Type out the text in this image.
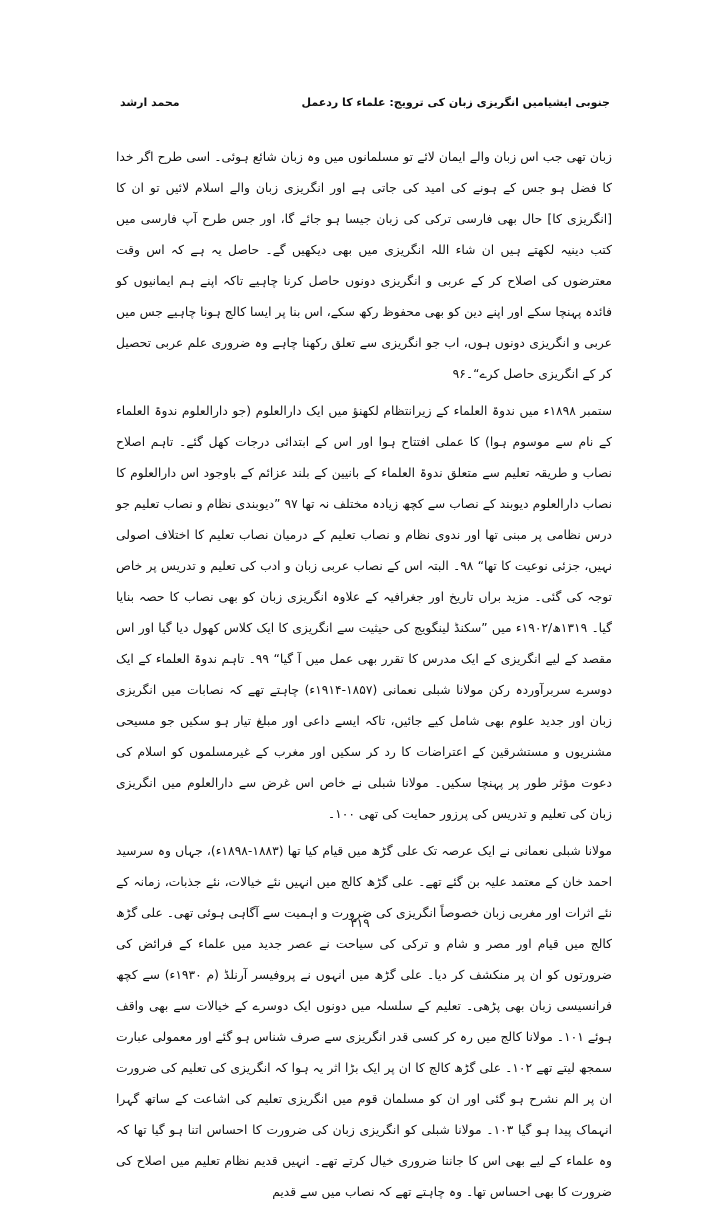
جنوبی ایشیامیں انگریزی زبان کی ترویج: علماء کا ردعمل
محمد ارشد

زبان تھی جب اس زبان والے ایمان لائے تو مسلمانوں میں وہ زبان شائع ہوئی۔ اسی طرح اگر خدا کا فضل ہو جس کے ہونے کی امید کی جاتی ہے اور انگریزی زبان والے اسلام لائیں تو ان کا [انگریزی کا] حال بھی فارسی ترکی کی زبان جیسا ہو جائے گا، اور جس طرح آپ فارسی میں کتب دینیہ لکھتے ہیں ان شاء اللہ انگریزی میں بھی دیکھیں گے۔ حاصل یہ ہے کہ اس وقت معترضوں کی اصلاح کر کے عربی و انگریزی دونوں حاصل کرنا چاہیے تاکہ اپنے ہم ایمانیوں کو فائدہ پہنچا سکے اور اپنے دین کو بھی محفوظ رکھ سکے، اس بنا پر ایسا کالج ہونا چاہیے جس میں عربی و انگریزی دونوں ہوں، اب جو انگریزی سے تعلق رکھنا چاہے وہ ضروری علم عربی تحصیل کر کے انگریزی حاصل کرے“۔۹۶

ستمبر ۱۸۹۸ء میں ندوۃ العلماء کے زیرانتظام لکھنؤ میں ایک دارالعلوم (جو دارالعلوم ندوۃ العلماء کے نام سے موسوم ہوا) کا عملی افتتاح ہوا اور اس کے ابتدائی درجات کھل گئے۔ تاہم اصلاح نصاب و طریقہ تعلیم سے متعلق ندوۃ العلماء کے بانیین کے بلند عزائم کے باوجود اس دارالعلوم کا نصاب دارالعلوم دیوبند کے نصاب سے کچھ زیادہ مختلف نہ تھا ۹۷ ”دیوبندی نظام و نصاب تعلیم جو درس نظامی پر مبنی تھا اور ندوی نظام و نصاب تعلیم کے درمیان نصاب تعلیم کا اختلاف اصولی نہیں، جزئی نوعیت کا تھا“ ۹۸۔ البتہ اس کے نصاب عربی زبان و ادب کی تعلیم و تدریس پر خاص توجہ کی گئی۔ مزید براں تاریخ اور جغرافیہ کے علاوہ انگریزی زبان کو بھی نصاب کا حصہ بنایا گیا۔ ۱۳۱۹ھ/۱۹۰۲ء میں ”سکنڈ لینگویج کی حیثیت سے انگریزی کا ایک کلاس کھول دیا گیا اور اس مقصد کے لیے انگریزی کے ایک مدرس کا تقرر بھی عمل میں آ گیا“ ۹۹۔ تاہم ندوۃ العلماء کے ایک دوسرے سربرآوردہ رکن مولانا شبلی نعمانی (۱۸۵۷-۱۹۱۴ء) چاہتے تھے کہ نصابات میں انگریزی زبان اور جدید علوم بھی شامل کیے جائیں، تاکہ ایسے داعی اور مبلغ تیار ہو سکیں جو مسیحی مشنریوں و مستشرقین کے اعتراضات کا رد کر سکیں اور مغرب کے غیرمسلموں کو اسلام کی دعوت مؤثر طور پر پہنچا سکیں۔ مولانا شبلی نے خاص اس غرض سے دارالعلوم میں انگریزی زبان کی تعلیم و تدریس کی پرزور حمایت کی تھی ۱۰۰۔

مولانا شبلی نعمانی نے ایک عرصہ تک علی گڑھ میں قیام کیا تھا (۱۸۸۳-۱۸۹۸ء)، جہاں وہ سرسید احمد خان کے معتمد علیہ بن گئے تھے۔ علی گڑھ کالج میں انہیں نئے خیالات، نئے جذبات، زمانہ کے نئے اثرات اور مغربی زبان خصوصاً انگریزی کی ضرورت و اہمیت سے آگاہی ہوئی تھی۔ علی گڑھ کالج میں قیام اور مصر و شام و ترکی کی سیاحت نے عصر جدید میں علماء کے فرائض کی ضرورتوں کو ان پر منکشف کر دیا۔ علی گڑھ میں انہوں نے پروفیسر آرنلڈ (م ۱۹۳۰ء) سے کچھ فرانسیسی زبان بھی پڑھی۔ تعلیم کے سلسلہ میں دونوں ایک دوسرے کے خیالات سے بھی واقف ہوئے ۱۰۱۔ مولانا کالج میں رہ کر کسی قدر انگریزی سے صرف شناس ہو گئے اور معمولی عبارت سمجھ لیتے تھے ۱۰۲۔ علی گڑھ کالج کا ان پر ایک بڑا اثر یہ ہوا کہ انگریزی کی تعلیم کی ضرورت ان پر الم نشرح ہو گئی اور ان کو مسلمان قوم میں انگریزی تعلیم کی اشاعت کے ساتھ گہرا انہماک پیدا ہو گیا ۱۰۳۔ مولانا شبلی کو انگریزی زبان کی ضرورت کا احساس اتنا ہو گیا تھا کہ وہ علماء کے لیے بھی اس کا جاننا ضروری خیال کرتے تھے۔ انہیں قدیم نظام تعلیم میں اصلاح کی ضرورت کا بھی احساس تھا۔ وہ چاہتے تھے کہ نصاب میں سے قدیم

۳۱۹
